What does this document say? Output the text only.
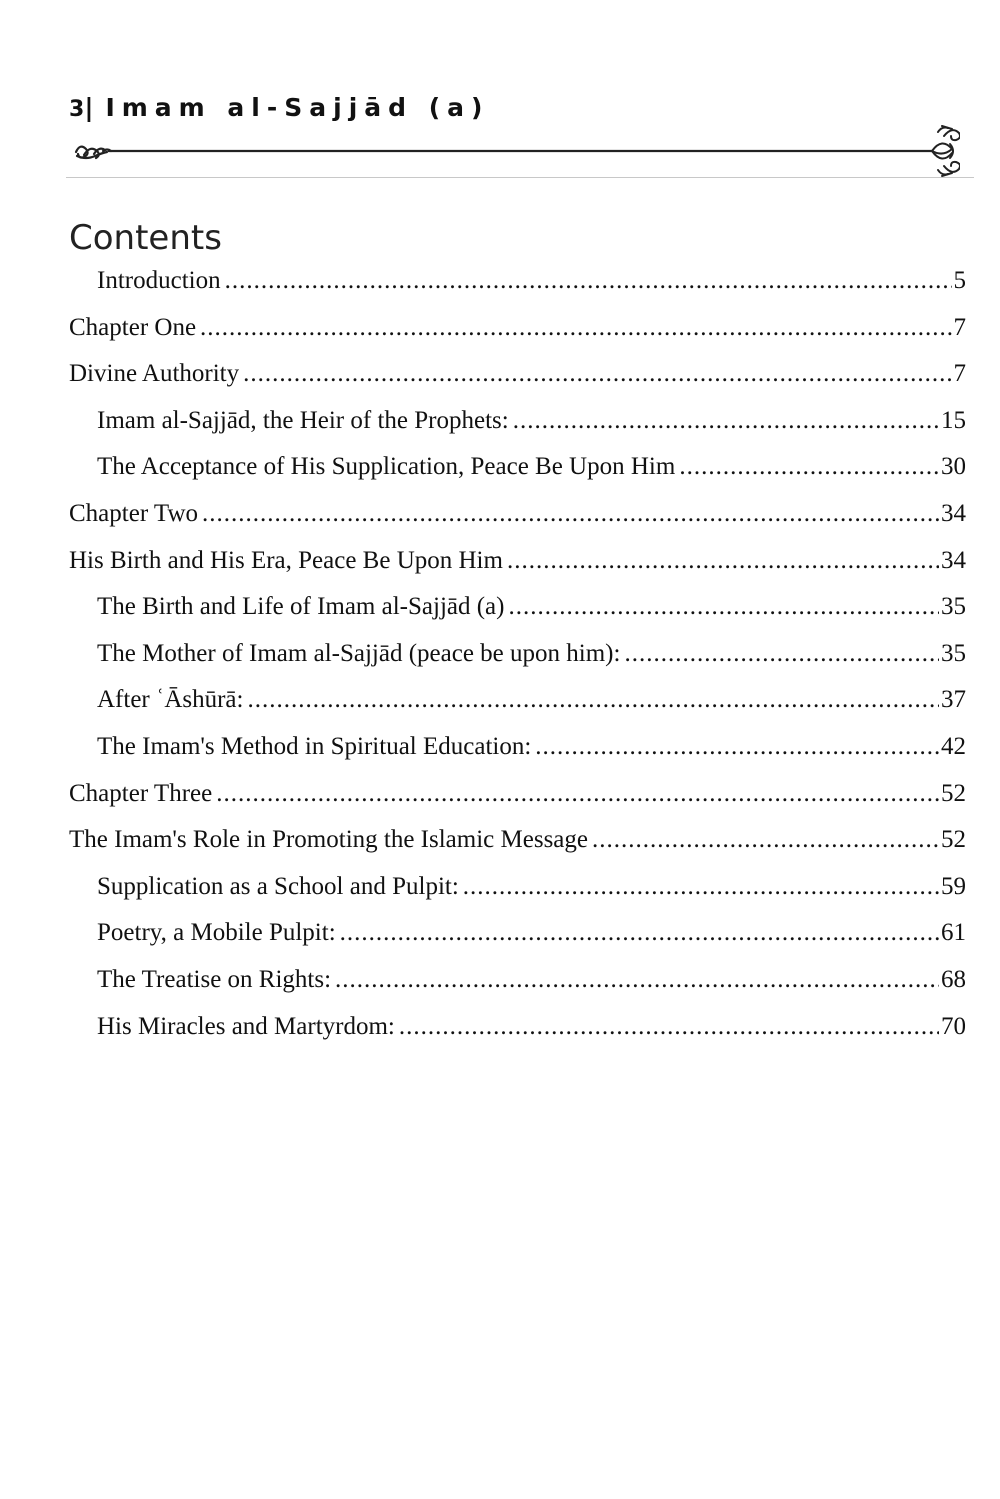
3| Imam al-Sajjād (a)
Contents
Introduction .....	5
Chapter One .....	7
Divine Authority .....	7
Imam al-Sajjād, the Heir of the Prophets: .....	15
The Acceptance of His Supplication, Peace Be Upon Him .....	30
Chapter Two .....	34
His Birth and His Era, Peace Be Upon Him .....	34
The Birth and Life of Imam al-Sajjād (a) .....	35
The Mother of Imam al-Sajjād (peace be upon him): .....	35
After ʿĀshūrā: .....	37
The Imam's Method in Spiritual Education: .....	42
Chapter Three .....	52
The Imam's Role in Promoting the Islamic Message .....	52
Supplication as a School and Pulpit: .....	59
Poetry, a Mobile Pulpit: .....	61
The Treatise on Rights: .....	68
His Miracles and Martyrdom: .....	70
